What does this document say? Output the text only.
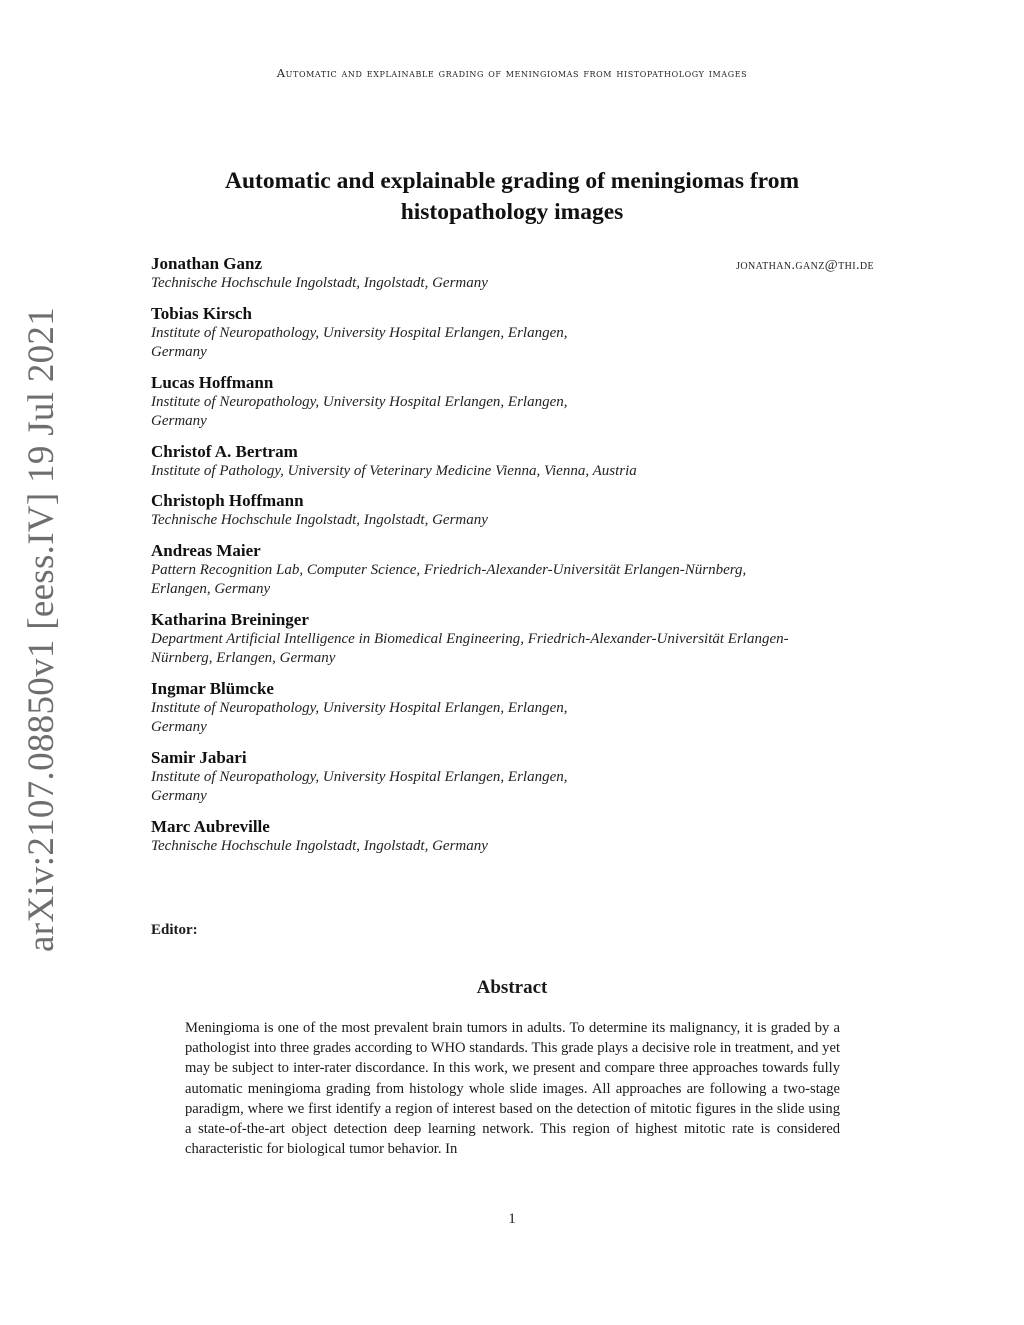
Automatic and explainable grading of meningiomas from histopathology images
arXiv:2107.08850v1 [eess.IV] 19 Jul 2021
Automatic and explainable grading of meningiomas from
histopathology images
jonathan.ganz@thi.de
Jonathan Ganz
Technische Hochschule Ingolstadt, Ingolstadt, Germany
Tobias Kirsch
Institute of Neuropathology, University Hospital Erlangen, Erlangen,
Germany
Lucas Hoffmann
Institute of Neuropathology, University Hospital Erlangen, Erlangen,
Germany
Christof A. Bertram
Institute of Pathology, University of Veterinary Medicine Vienna, Vienna, Austria
Christoph Hoffmann
Technische Hochschule Ingolstadt, Ingolstadt, Germany
Andreas Maier
Pattern Recognition Lab, Computer Science, Friedrich-Alexander-Universität Erlangen-Nürnberg,
Erlangen, Germany
Katharina Breininger
Department Artificial Intelligence in Biomedical Engineering, Friedrich-Alexander-Universität Erlangen-
Nürnberg, Erlangen, Germany
Ingmar Blümcke
Institute of Neuropathology, University Hospital Erlangen, Erlangen,
Germany
Samir Jabari
Institute of Neuropathology, University Hospital Erlangen, Erlangen,
Germany
Marc Aubreville
Technische Hochschule Ingolstadt, Ingolstadt, Germany
Editor:
Abstract
Meningioma is one of the most prevalent brain tumors in adults. To determine its malignancy, it is graded by a pathologist into three grades according to WHO standards. This grade plays a decisive role in treatment, and yet may be subject to inter-rater discordance. In this work, we present and compare three approaches towards fully automatic meningioma grading from histology whole slide images. All approaches are following a two-stage paradigm, where we first identify a region of interest based on the detection of mitotic figures in the slide using a state-of-the-art object detection deep learning network. This region of highest mitotic rate is considered characteristic for biological tumor behavior. In
1
